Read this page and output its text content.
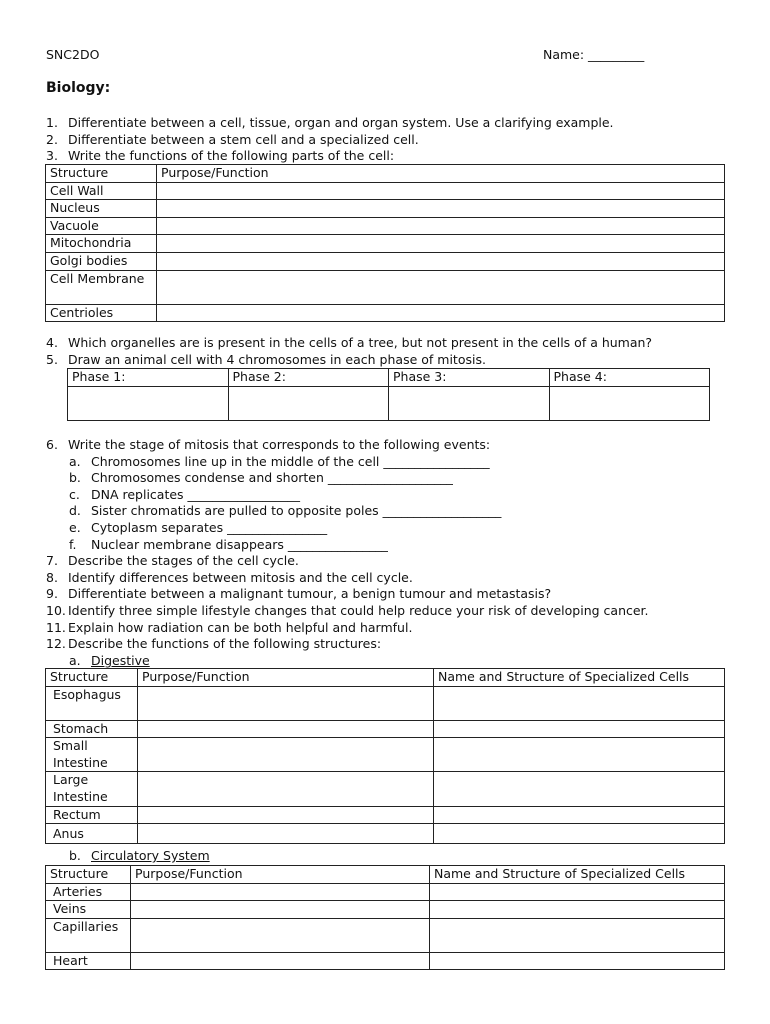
SNC2DO	Name: _________
Biology:
1. Differentiate between a cell, tissue, organ and organ system. Use a clarifying example.
2. Differentiate between a stem cell and a specialized cell.
3. Write the functions of the following parts of the cell:
Structure	Purpose/Function
Cell Wall	
Nucleus	
Vacuole	
Mitochondria	
Golgi bodies	
Cell Membrane	
Centrioles	
4. Which organelles are is present in the cells of a tree, but not present in the cells of a human?
5. Draw an animal cell with 4 chromosomes in each phase of mitosis.
Phase 1:	Phase 2:	Phase 3:	Phase 4:

6. Write the stage of mitosis that corresponds to the following events:
a. Chromosomes line up in the middle of the cell _________________
b. Chromosomes condense and shorten ____________________
c. DNA replicates __________________
d. Sister chromatids are pulled to opposite poles ___________________
e. Cytoplasm separates ________________
f. Nuclear membrane disappears ________________
7. Describe the stages of the cell cycle.
8. Identify differences between mitosis and the cell cycle.
9. Differentiate between a malignant tumour, a benign tumour and metastasis?
10. Identify three simple lifestyle changes that could help reduce your risk of developing cancer.
11. Explain how radiation can be both helpful and harmful.
12. Describe the functions of the following structures:
a. Digestive
Structure	Purpose/Function	Name and Structure of Specialized Cells
Esophagus		
Stomach		
Small Intestine		
Large Intestine		
Rectum		
Anus		
b. Circulatory System
Structure	Purpose/Function	Name and Structure of Specialized Cells
Arteries		
Veins		
Capillaries		
Heart		
